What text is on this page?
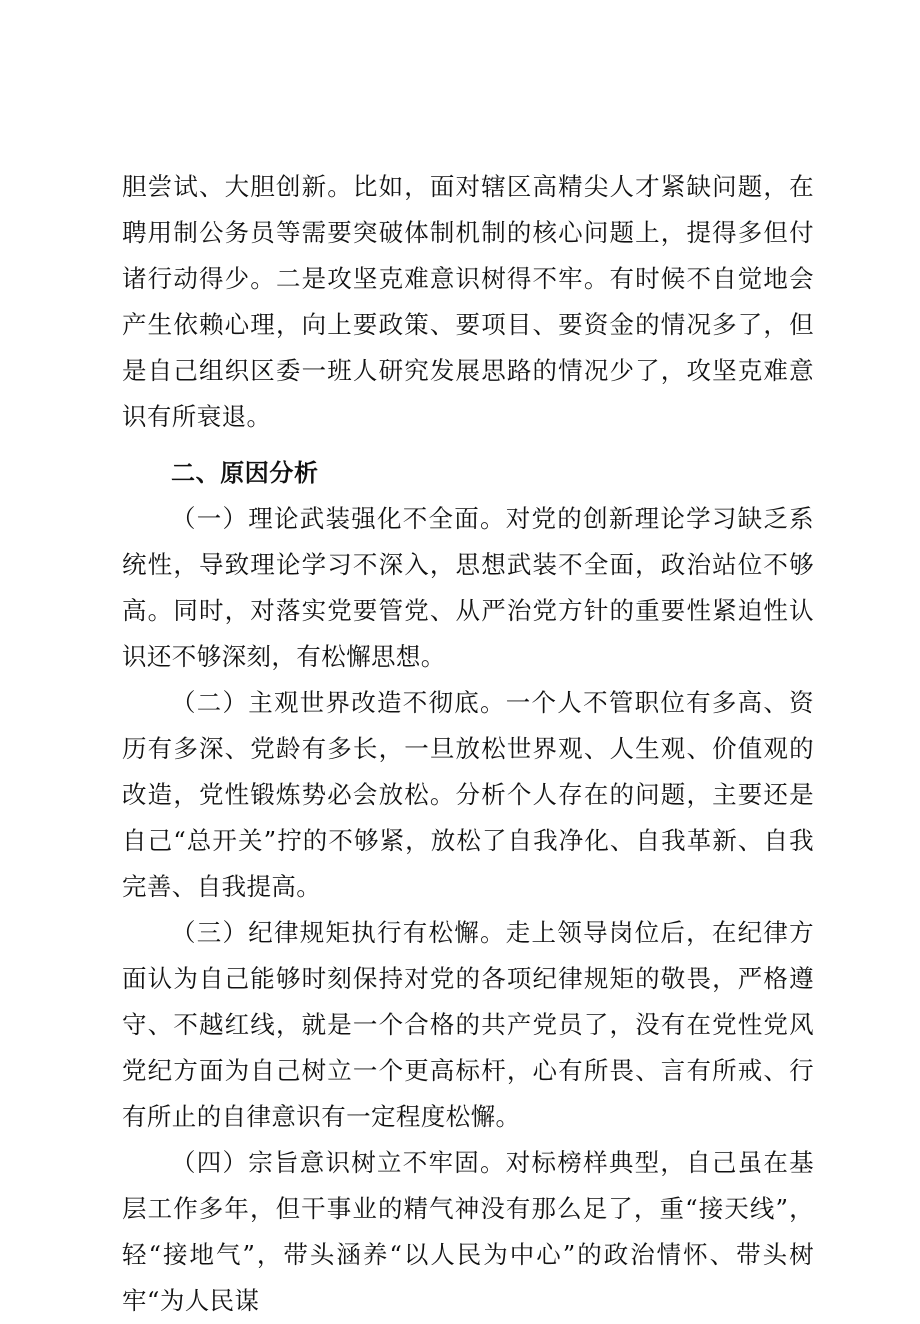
胆尝试、大胆创新。比如，面对辖区高精尖人才紧缺问题，在聘用制公务员等需要突破体制机制的核心问题上，提得多但付诸行动得少。二是攻坚克难意识树得不牢。有时候不自觉地会产生依赖心理，向上要政策、要项目、要资金的情况多了，但是自己组织区委一班人研究发展思路的情况少了，攻坚克难意识有所衰退。

二、原因分析

（一）理论武装强化不全面。对党的创新理论学习缺乏系统性，导致理论学习不深入，思想武装不全面，政治站位不够高。同时，对落实党要管党、从严治党方针的重要性紧迫性认识还不够深刻，有松懈思想。

（二）主观世界改造不彻底。一个人不管职位有多高、资历有多深、党龄有多长，一旦放松世界观、人生观、价值观的改造，党性锻炼势必会放松。分析个人存在的问题，主要还是自己“总开关”拧的不够紧，放松了自我净化、自我革新、自我完善、自我提高。

（三）纪律规矩执行有松懈。走上领导岗位后，在纪律方面认为自己能够时刻保持对党的各项纪律规矩的敬畏，严格遵守、不越红线，就是一个合格的共产党员了，没有在党性党风党纪方面为自己树立一个更高标杆，心有所畏、言有所戒、行有所止的自律意识有一定程度松懈。

（四）宗旨意识树立不牢固。对标榜样典型，自己虽在基层工作多年，但干事业的精气神没有那么足了，重“接天线”，轻“接地气”，带头涵养“以人民为中心”的政治情怀、带头树牢“为人民谋
